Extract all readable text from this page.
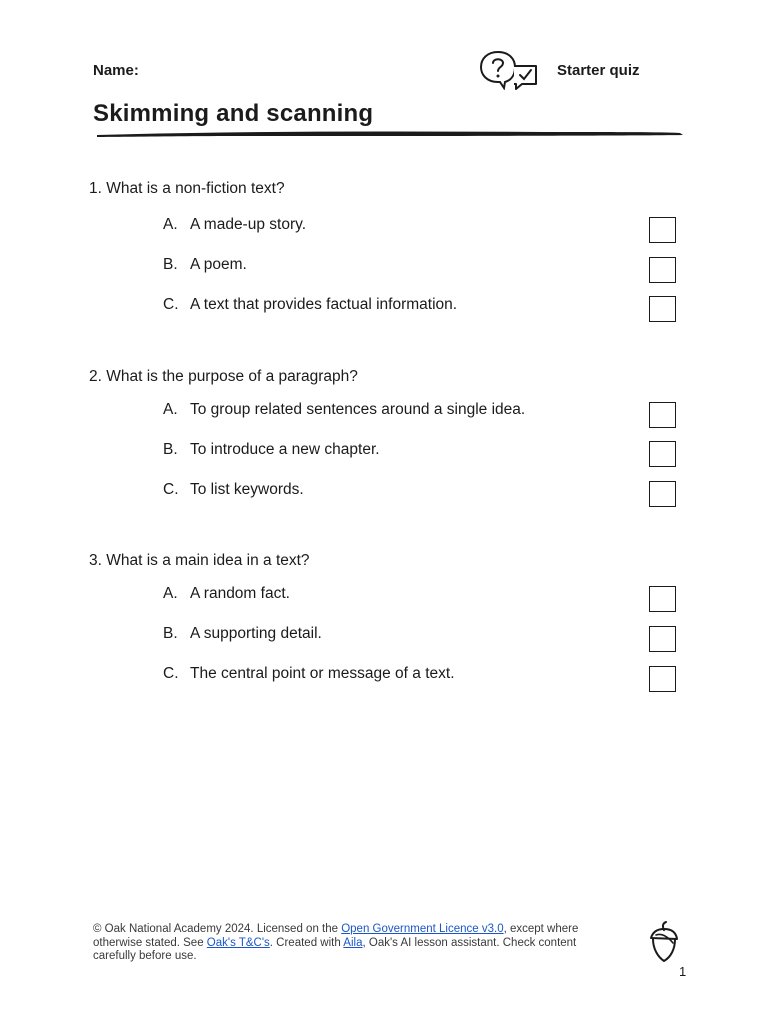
Name:	Starter quiz
Skimming and scanning

1. What is a non-fiction text?

A. A made-up story.
B. A poem.
C. A text that provides factual information.

2. What is the purpose of a paragraph?

A. To group related sentences around a single idea.
B. To introduce a new chapter.
C. To list keywords.

3. What is a main idea in a text?

A. A random fact.
B. A supporting detail.
C. The central point or message of a text.
© Oak National Academy 2024. Licensed on the Open Government Licence v3.0, except where otherwise stated. See Oak's T&C's. Created with Aila, Oak's AI lesson assistant. Check content carefully before use.
1
